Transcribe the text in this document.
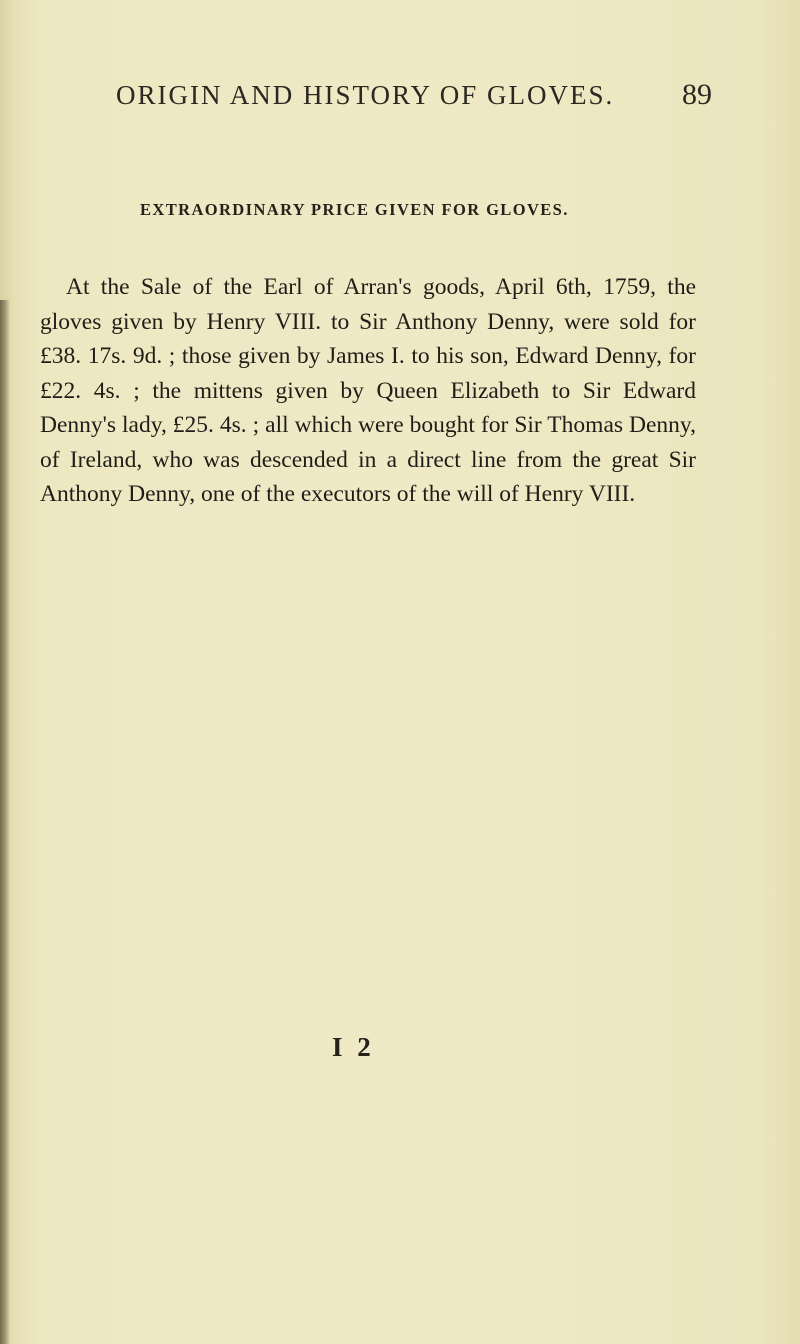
ORIGIN AND HISTORY OF GLOVES. 89
EXTRAORDINARY PRICE GIVEN FOR GLOVES.

At the Sale of the Earl of Arran's goods, April 6th, 1759, the gloves given by Henry VIII. to Sir Anthony Denny, were sold for £38. 17s. 9d. ; those given by James I. to his son, Edward Denny, for £22. 4s. ; the mittens given by Queen Elizabeth to Sir Edward Denny's lady, £25. 4s. ; all which were bought for Sir Thomas Denny, of Ireland, who was descended in a direct line from the great Sir Anthony Denny, one of the executors of the will of Henry VIII.

I 2
